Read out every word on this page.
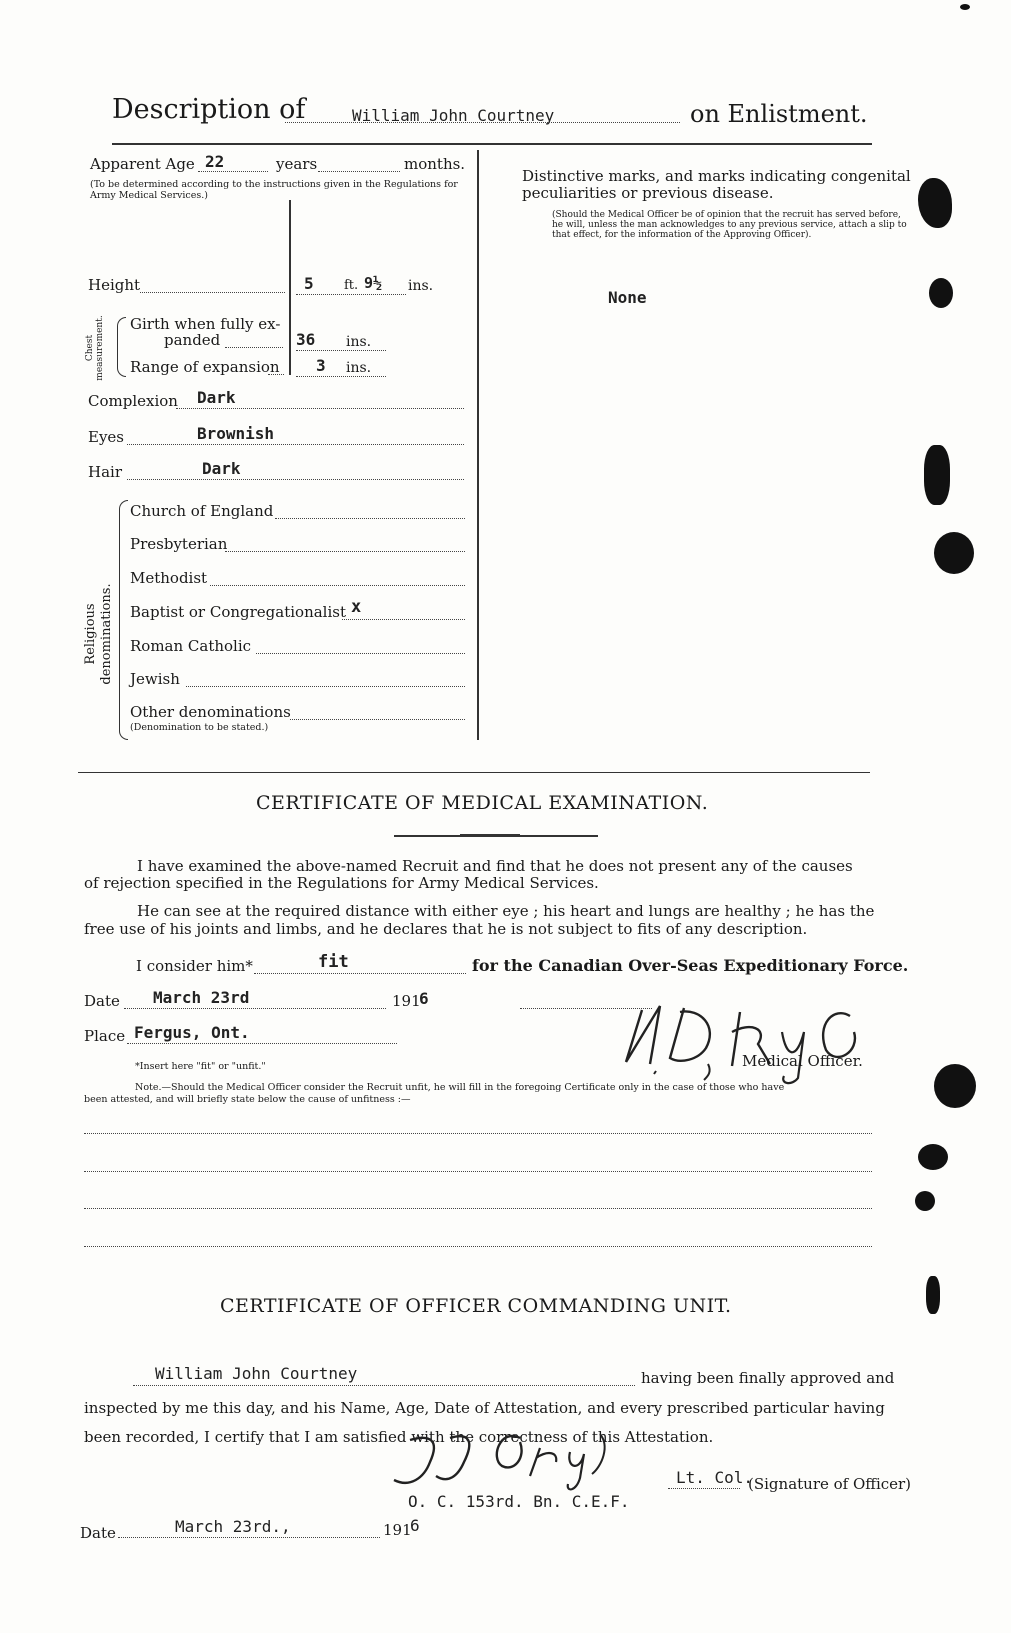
Description of	William John Courtney	on Enlistment.
Apparent Age 22	years	months.
(To be determined according to the instructions given in the Regulations for Army Medical Services.)
Height	5 ft. 9½ ins.
Chest measurement. Girth when fully ex-
panded	36 ins.
Range of expansion 3 ins.
Complexion Dark
Eyes	Brownish
Hair	Dark
Religious denominations.
Church of England
Presbyterian
Methodist
Baptist or Congregationalist x
Roman Catholic
Jewish
Other denominations
(Denomination to be stated.)
Distinctive marks, and marks indicating congenital
peculiarities or previous disease.
(Should the Medical Officer be of opinion that the recruit has served before, he will, unless the man acknowledges to any previous service, attach a slip to that effect, for the information of the Approving Officer).
None
CERTIFICATE OF MEDICAL EXAMINATION.
I have examined the above-named Recruit and find that he does not present any of the causes
of rejection specified in the Regulations for Army Medical Services.
He can see at the required distance with either eye ; his heart and lungs are healthy ; he has the
free use of his joints and limbs, and he declares that he is not subject to fits of any description.
I consider him*	fit	for the Canadian Over-Seas Expeditionary Force.
Date March 23rd	191
6
Place Fergus, Ont.
Medical Officer.
*Insert here "fit" or "unfit."
Note.—Should the Medical Officer consider the Recruit unfit, he will fill in the foregoing Certificate only in the case of those who have
been attested, and will briefly state below the cause of unfitness :—
CERTIFICATE OF OFFICER COMMANDING UNIT.
William John Courtney	having been finally approved and
inspected by me this day, and his Name, Age, Date of Attestation, and every prescribed particular having
been recorded, I certify that I am satisfied with the correctness of this Attestation.
Lt. Col.
(Signature of Officer)
O. C. 153rd. Bn. C.E.F.
Date	March 23rd.,	191
6
